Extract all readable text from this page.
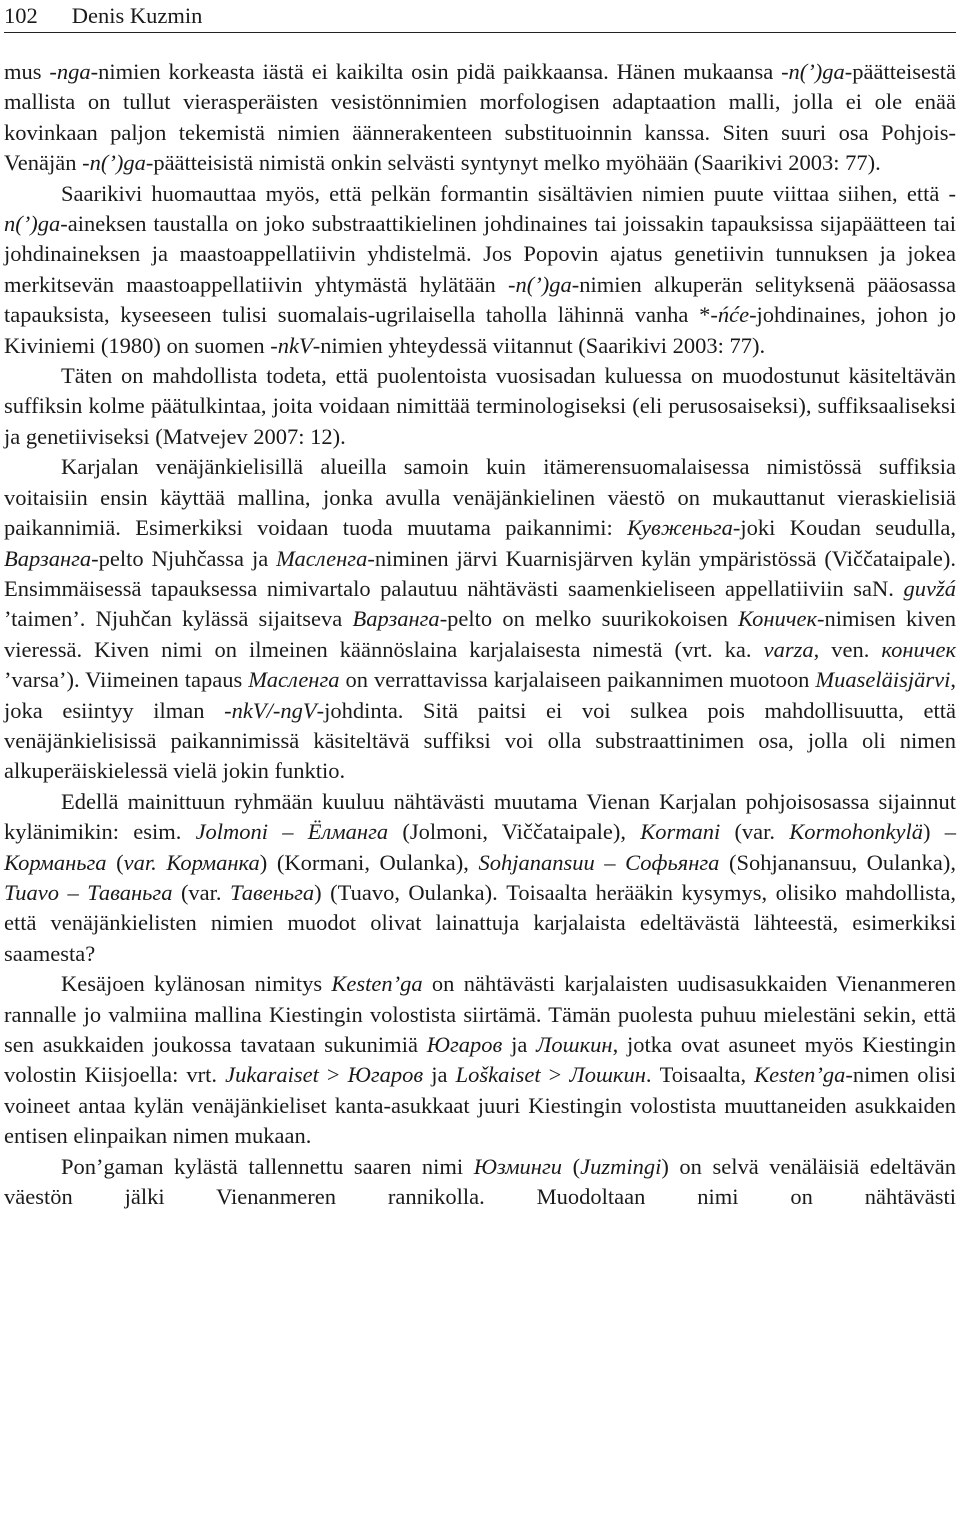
102 Denis Kuzmin

mus -nga-nimien korkeasta iästä ei kaikilta osin pidä paikkaansa. Hänen mukaansa -n(’)ga-päätteisestä mallista on tullut vierasperäisten vesistönnimien morfologisen adaptaation malli, jolla ei ole enää kovinkaan paljon tekemistä nimien äännerakenteen substituoinnin kanssa. Siten suuri osa Pohjois-Venäjän -n(’)ga-päätteisistä nimistä onkin selvästi syntynyt melko myöhään (Saarikivi 2003: 77).

Saarikivi huomauttaa myös, että pelkän formantin sisältävien nimien puute viittaa siihen, että -n(’)ga-aineksen taustalla on joko substraattikielinen johdinaines tai joissakin tapauksissa sijapäätteen tai johdinaineksen ja maastoappellatiivin yhdistelmä. Jos Popovin ajatus genetiivin tunnuksen ja jokea merkitsevän maastoappellatiivin yhtymästä hylätään -n(’)ga-nimien alkuperän selityksenä pääosassa tapauksista, kyseeseen tulisi suomalais-ugrilaisella taholla lähinnä vanha *-ńće-johdinaines, johon jo Kiviniemi (1980) on suomen -nkV-nimien yhteydessä viitannut (Saarikivi 2003: 77).

Täten on mahdollista todeta, että puolentoista vuosisadan kuluessa on muodostunut käsiteltävän suffiksin kolme päätulkintaa, joita voidaan nimittää terminologiseksi (eli perusosaiseksi), suffiksaaliseksi ja genetiiviseksi (Matvejev 2007: 12).

Karjalan venäjänkielisillä alueilla samoin kuin itämerensuomalaisessa nimistössä suffiksia voitaisiin ensin käyttää mallina, jonka avulla venäjänkielinen väestö on mukauttanut vieraskielisiä paikannimiä. Esimerkiksi voidaan tuoda muutama paikannimi: Кувженьга-joki Koudan seudulla, Варзанга-pelto Njuhčassa ja Масленга-niminen järvi Kuarnisjärven kylän ympäristössä (Viččataipale). Ensimmäisessä tapauksessa nimivartalo palautuu nähtävästi saamenkieliseen appellatiiviin saN. guvžá ’taimen’. Njuhčan kylässä sijaitseva Варзанга-pelto on melko suurikokoisen Коничек-nimisen kiven vieressä. Kiven nimi on ilmeinen käännöslaina karjalaisesta nimestä (vrt. ka. varza, ven. коничек ’varsa’). Viimeinen tapaus Масленга on verrattavissa karjalaiseen paikannimen muotoon Muaseläisjärvi, joka esiintyy ilman -nkV/-ngV-johdinta. Sitä paitsi ei voi sulkea pois mahdollisuutta, että venäjänkielisissä paikannimissä käsiteltävä suffiksi voi olla substraattinimen osa, jolla oli nimen alkuperäiskielessä vielä jokin funktio.

Edellä mainittuun ryhmään kuuluu nähtävästi muutama Vienan Karjalan pohjoisosassa sijainnut kylänimikin: esim. Jolmoni – Ёлманга (Jolmoni, Viččataipale), Kormani (var. Kormohonkylä) – Корманьга (var. Корманка) (Kormani, Oulanka), Sohjanansuu – Софьянга (Sohjanansuu, Oulanka), Tuavo – Таваньга (var. Тавеньга) (Tuavo, Oulanka). Toisaalta herääkin kysymys, olisiko mahdollista, että venäjänkielisten nimien muodot olivat lainattuja karjalaista edeltävästä lähteestä, esimerkiksi saamesta?

Kesäjoen kylänosan nimitys Kesten’ga on nähtävästi karjalaisten uudisasukkaiden Vienanmeren rannalle jo valmiina mallina Kiestingin volostista siirtämä. Tämän puolesta puhuu mielestäni sekin, että sen asukkaiden joukossa tavataan sukunimiä Югаров ja Лошкин, jotka ovat asuneet myös Kiestingin volostin Kiisjoella: vrt. Jukaraiset > Югаров ja Loškaiset > Лошкин. Toisaalta, Kesten’ga-nimen olisi voineet antaa kylän venäjänkieliset kanta-asukkaat juuri Kiestingin volostista muuttaneiden asukkaiden entisen elinpaikan nimen mukaan.

Pon’gaman kylästä tallennettu saaren nimi Юзминги (Juzmingi) on selvä venäläisiä edeltävän väestön jälki Vienanmeren rannikolla. Muodoltaan nimi on nähtävästi
